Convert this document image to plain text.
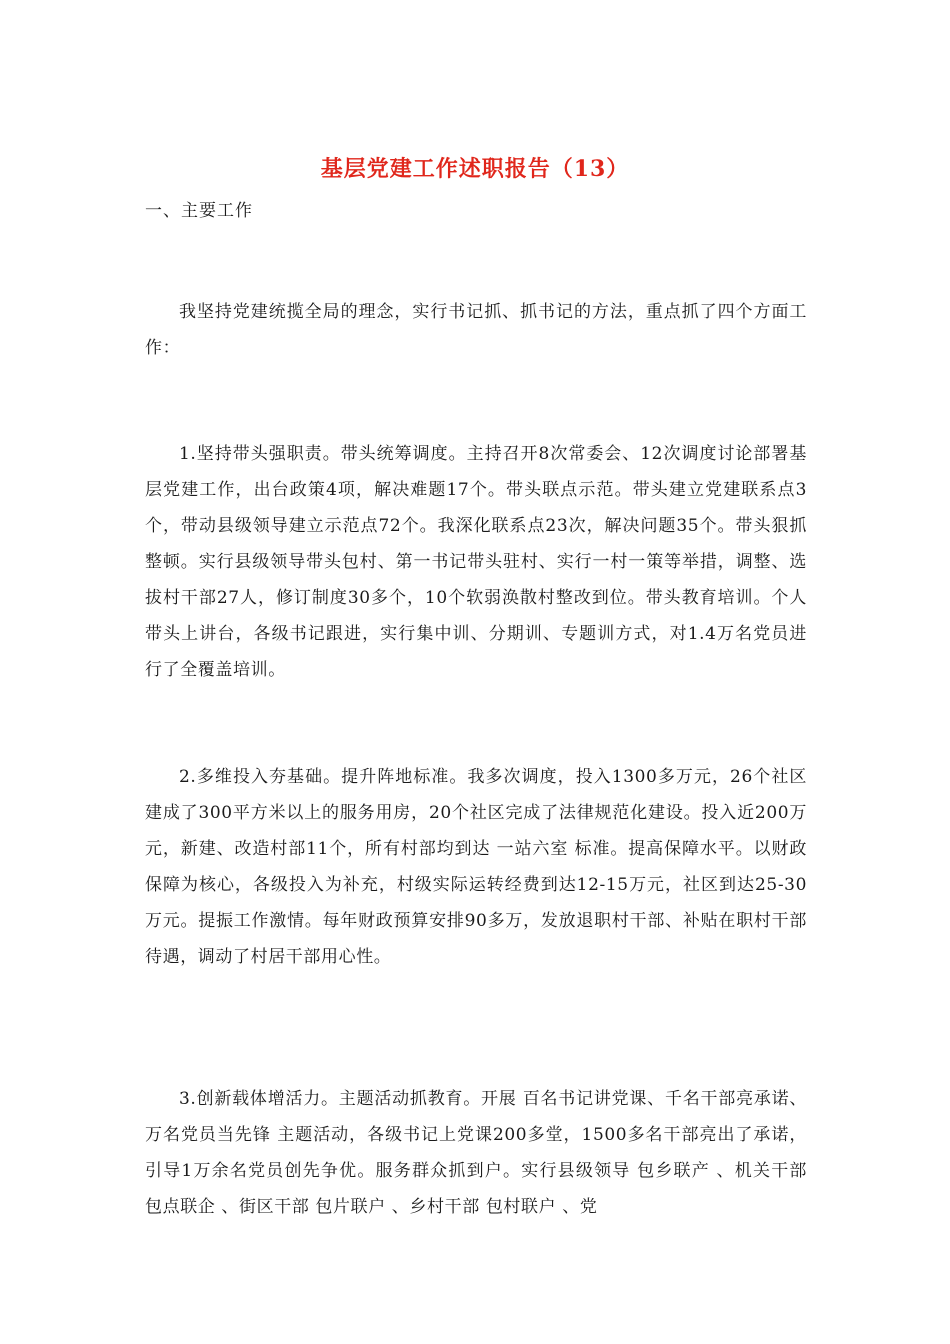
基层党建工作述职报告（13）
一、主要工作
我坚持党建统揽全局的理念，实行书记抓、抓书记的方法，重点抓了四个方面工作：
1.坚持带头强职责。带头统筹调度。主持召开8次常委会、12次调度讨论部署基层党建工作，出台政策4项，解决难题17个。带头联点示范。带头建立党建联系点3个，带动县级领导建立示范点72个。我深化联系点23次，解决问题35个。带头狠抓整顿。实行县级领导带头包村、第一书记带头驻村、实行一村一策等举措，调整、选拔村干部27人，修订制度30多个，10个软弱涣散村整改到位。带头教育培训。个人带头上讲台，各级书记跟进，实行集中训、分期训、专题训方式，对1.4万名党员进行了全覆盖培训。
2.多维投入夯基础。提升阵地标准。我多次调度，投入1300多万元，26个社区建成了300平方米以上的服务用房，20个社区完成了法律规范化建设。投入近200万元，新建、改造村部11个，所有村部均到达 一站六室 标准。提高保障水平。以财政保障为核心，各级投入为补充，村级实际运转经费到达12-15万元，社区到达25-30万元。提振工作激情。每年财政预算安排90多万，发放退职村干部、补贴在职村干部待遇，调动了村居干部用心性。
3.创新载体增活力。主题活动抓教育。开展 百名书记讲党课、千名干部亮承诺、万名党员当先锋 主题活动，各级书记上党课200多堂，1500多名干部亮出了承诺，引导1万余名党员创先争优。服务群众抓到户。实行县级领导 包乡联产 、机关干部 包点联企 、街区干部 包片联户 、乡村干部 包村联户 、党
